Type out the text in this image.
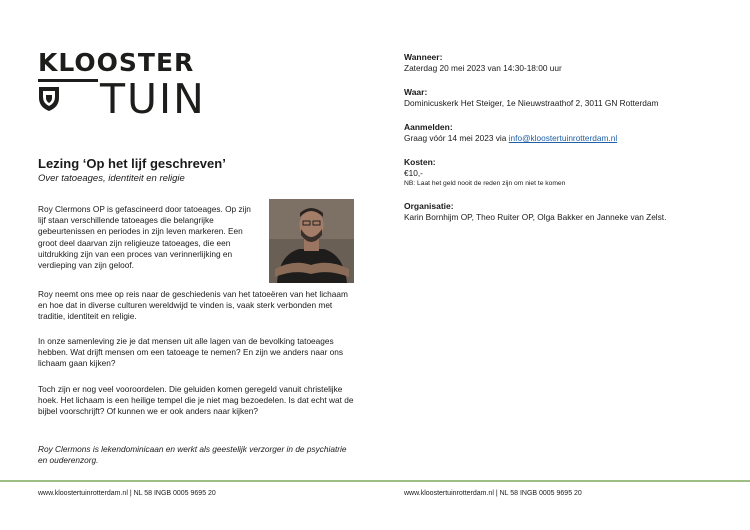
KLOOSTER

TUIN

Lezing ‘Op het lijf geschreven’

Over tatoeages, identiteit en religie

Roy Clermons OP is gefascineerd door tatoeages. Op zijn lijf staan verschillende tatoeages die belangrijke gebeurtenissen en periodes in zijn leven markeren. Een groot deel daarvan zijn religieuze tatoeages, die een uitdrukking zijn van een proces van verinnerlijking en verdieping van zijn geloof.

Roy neemt ons mee op reis naar de geschiedenis van het tatoeëren van het lichaam en hoe dat in diverse culturen wereldwijd te vinden is, vaak sterk verbonden met traditie, identiteit en religie.

In onze samenleving zie je dat mensen uit alle lagen van de bevolking tatoeages hebben. Wat drijft mensen om een tatoeage te nemen? En zijn we anders naar ons lichaam gaan kijken?

Toch zijn er nog veel vooroordelen. Die geluiden komen geregeld vanuit christelijke hoek. Het lichaam is een heilige tempel die je niet mag bezoedelen. Is dat echt wat de bijbel voorschrijft? Of kunnen we er ook anders naar kijken?

Roy Clermons is lekendominicaan en werkt als geestelijk verzorger in de psychiatrie en ouderenzorg.

Wanneer:

Zaterdag 20 mei 2023 van 14:30-18:00 uur

Waar:

Dominicuskerk Het Steiger, 1e Nieuwstraathof 2, 3011 GN Rotterdam

Aanmelden:

Graag vóór 14 mei 2023 via info@kloostertuinrotterdam.nl

Kosten:

€10,-

NB: Laat het geld nooit de reden zijn om niet te komen

Organisatie:

Karin Bornhijm OP, Theo Ruiter OP, Olga Bakker en Janneke van Zelst.

www.kloostertuinrotterdam.nl | NL 58 INGB 0005 9695 20	www.kloostertuinrotterdam.nl | NL 58 INGB 0005 9695 20
